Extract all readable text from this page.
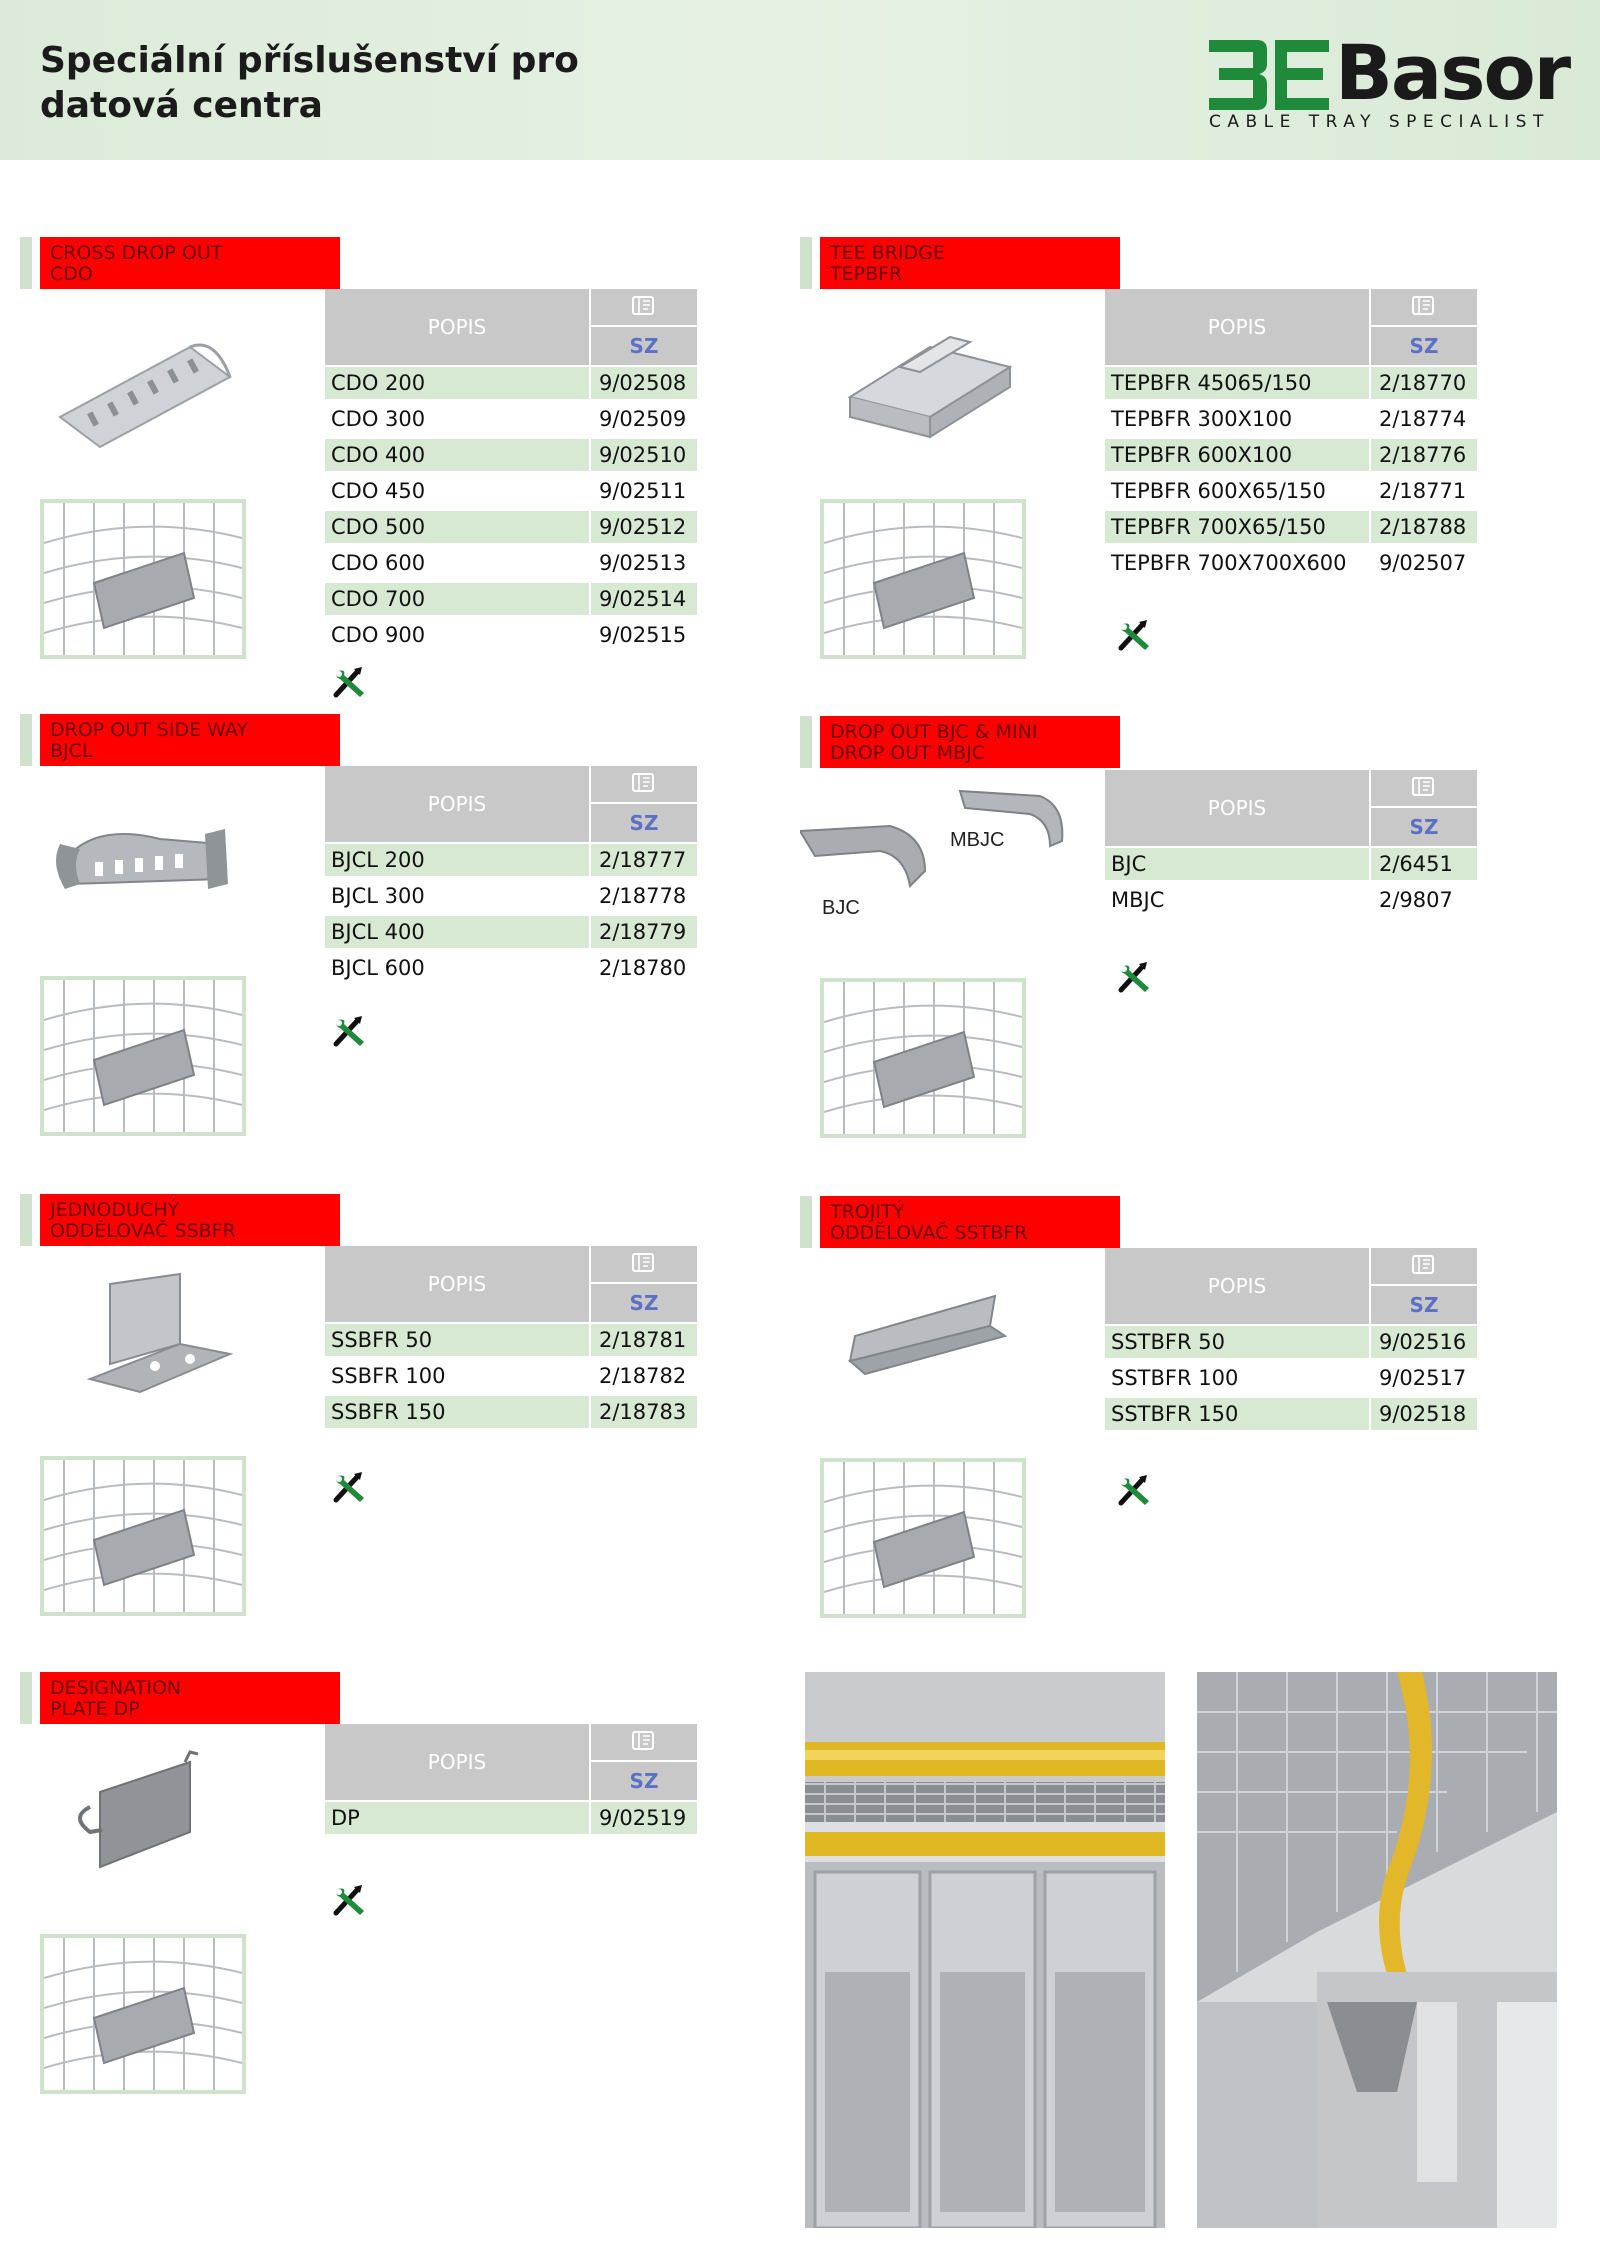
Speciální příslušenství pro
datová centra	Basor
CABLE TRAY SPECIALIST
CROSS DROP OUT
CDO
POPIS
SZ
CDO 200	9/02508
CDO 300	9/02509
CDO 400	9/02510
CDO 450	9/02511
CDO 500	9/02512
CDO 600	9/02513
CDO 700	9/02514
CDO 900	9/02515
TEE BRIDGE
TEPBFR
POPIS
SZ
TEPBFR 45065/150	2/18770
TEPBFR 300X100	2/18774
TEPBFR 600X100	2/18776
TEPBFR 600X65/150	2/18771
TEPBFR 700X65/150	2/18788
TEPBFR 700X700X600	9/02507
DROP OUT SIDE WAY
BJCL
POPIS
SZ
BJCL 200	2/18777
BJCL 300	2/18778
BJCL 400	2/18779
BJCL 600	2/18780
DROP OUT BJC & MINI
DROP OUT MBJC
BJC
MBJC
POPIS
SZ
BJC	2/6451
MBJC	2/9807
JEDNODUCHÝ
ODDĚLOVAČ SSBFR
POPIS
SZ
SSBFR 50	2/18781
SSBFR 100	2/18782
SSBFR 150	2/18783
TROJITÝ
ODDĚLOVAČ SSTBFR
POPIS
SZ
SSTBFR 50	9/02516
SSTBFR 100	9/02517
SSTBFR 150	9/02518
DESIGNATION
PLATE DP
POPIS
SZ
DP	9/02519
